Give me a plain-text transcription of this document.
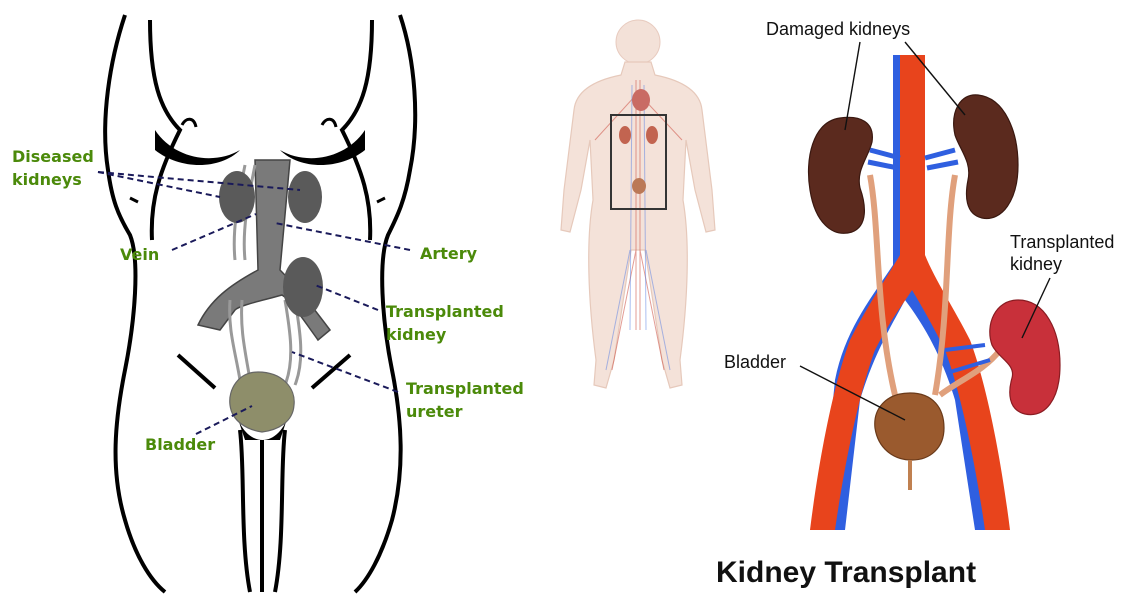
Diseased
kidneys
Vein	Artery
Transplanted
kidney
Transplanted
ureter
Bladder
Damaged kidneys
Transplanted
kidney
Bladder
Kidney Transplant
